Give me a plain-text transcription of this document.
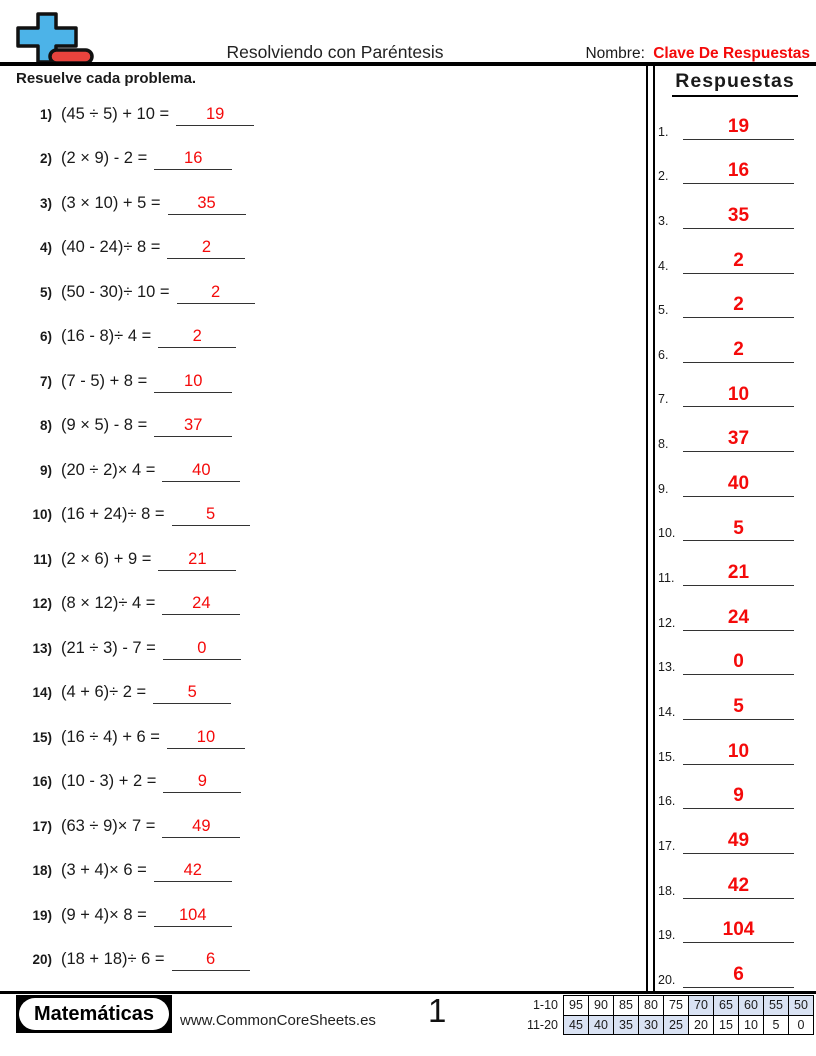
Resolviendo con Paréntesis	Nombre: Clave De Respuestas
Resuelve cada problema.
1) (45 ÷ 5) + 10 =	19
2) (2 × 9) - 2 =	16
3) (3 × 10) + 5 =	35
4) (40 - 24)÷ 8 =	2
5) (50 - 30)÷ 10 =	2
6) (16 - 8)÷ 4 =	2
7) (7 - 5) + 8 =	10
8) (9 × 5) - 8 =	37
9) (20 ÷ 2)× 4 =	40
10) (16 + 24)÷ 8 =	5
11) (2 × 6) + 9 =	21
12) (8 × 12)÷ 4 =	24
13) (21 ÷ 3) - 7 =	0
14) (4 + 6)÷ 2 =	5
15) (16 ÷ 4) + 6 =	10
16) (10 - 3) + 2 =	9
17) (63 ÷ 9)× 7 =	49
18) (3 + 4)× 6 =	42
19) (9 + 4)× 8 =	104
20) (18 + 18)÷ 6 =	6
Respuestas
1.	19
2.	16
3.	35
4.	2
5.	2
6.	2
7.	10
8.	37
9.	40
10.	5
11.	21
12.	24
13.	0
14.	5
15.	10
16.	9
17.	49
18.	42
19.	104
20.	6
Matemáticas	www.CommonCoreSheets.es 1	1-10 95 90 85 80 75 70 65 60 55 50
11-20 45 40 35 30 25 20 15 10	5	0
